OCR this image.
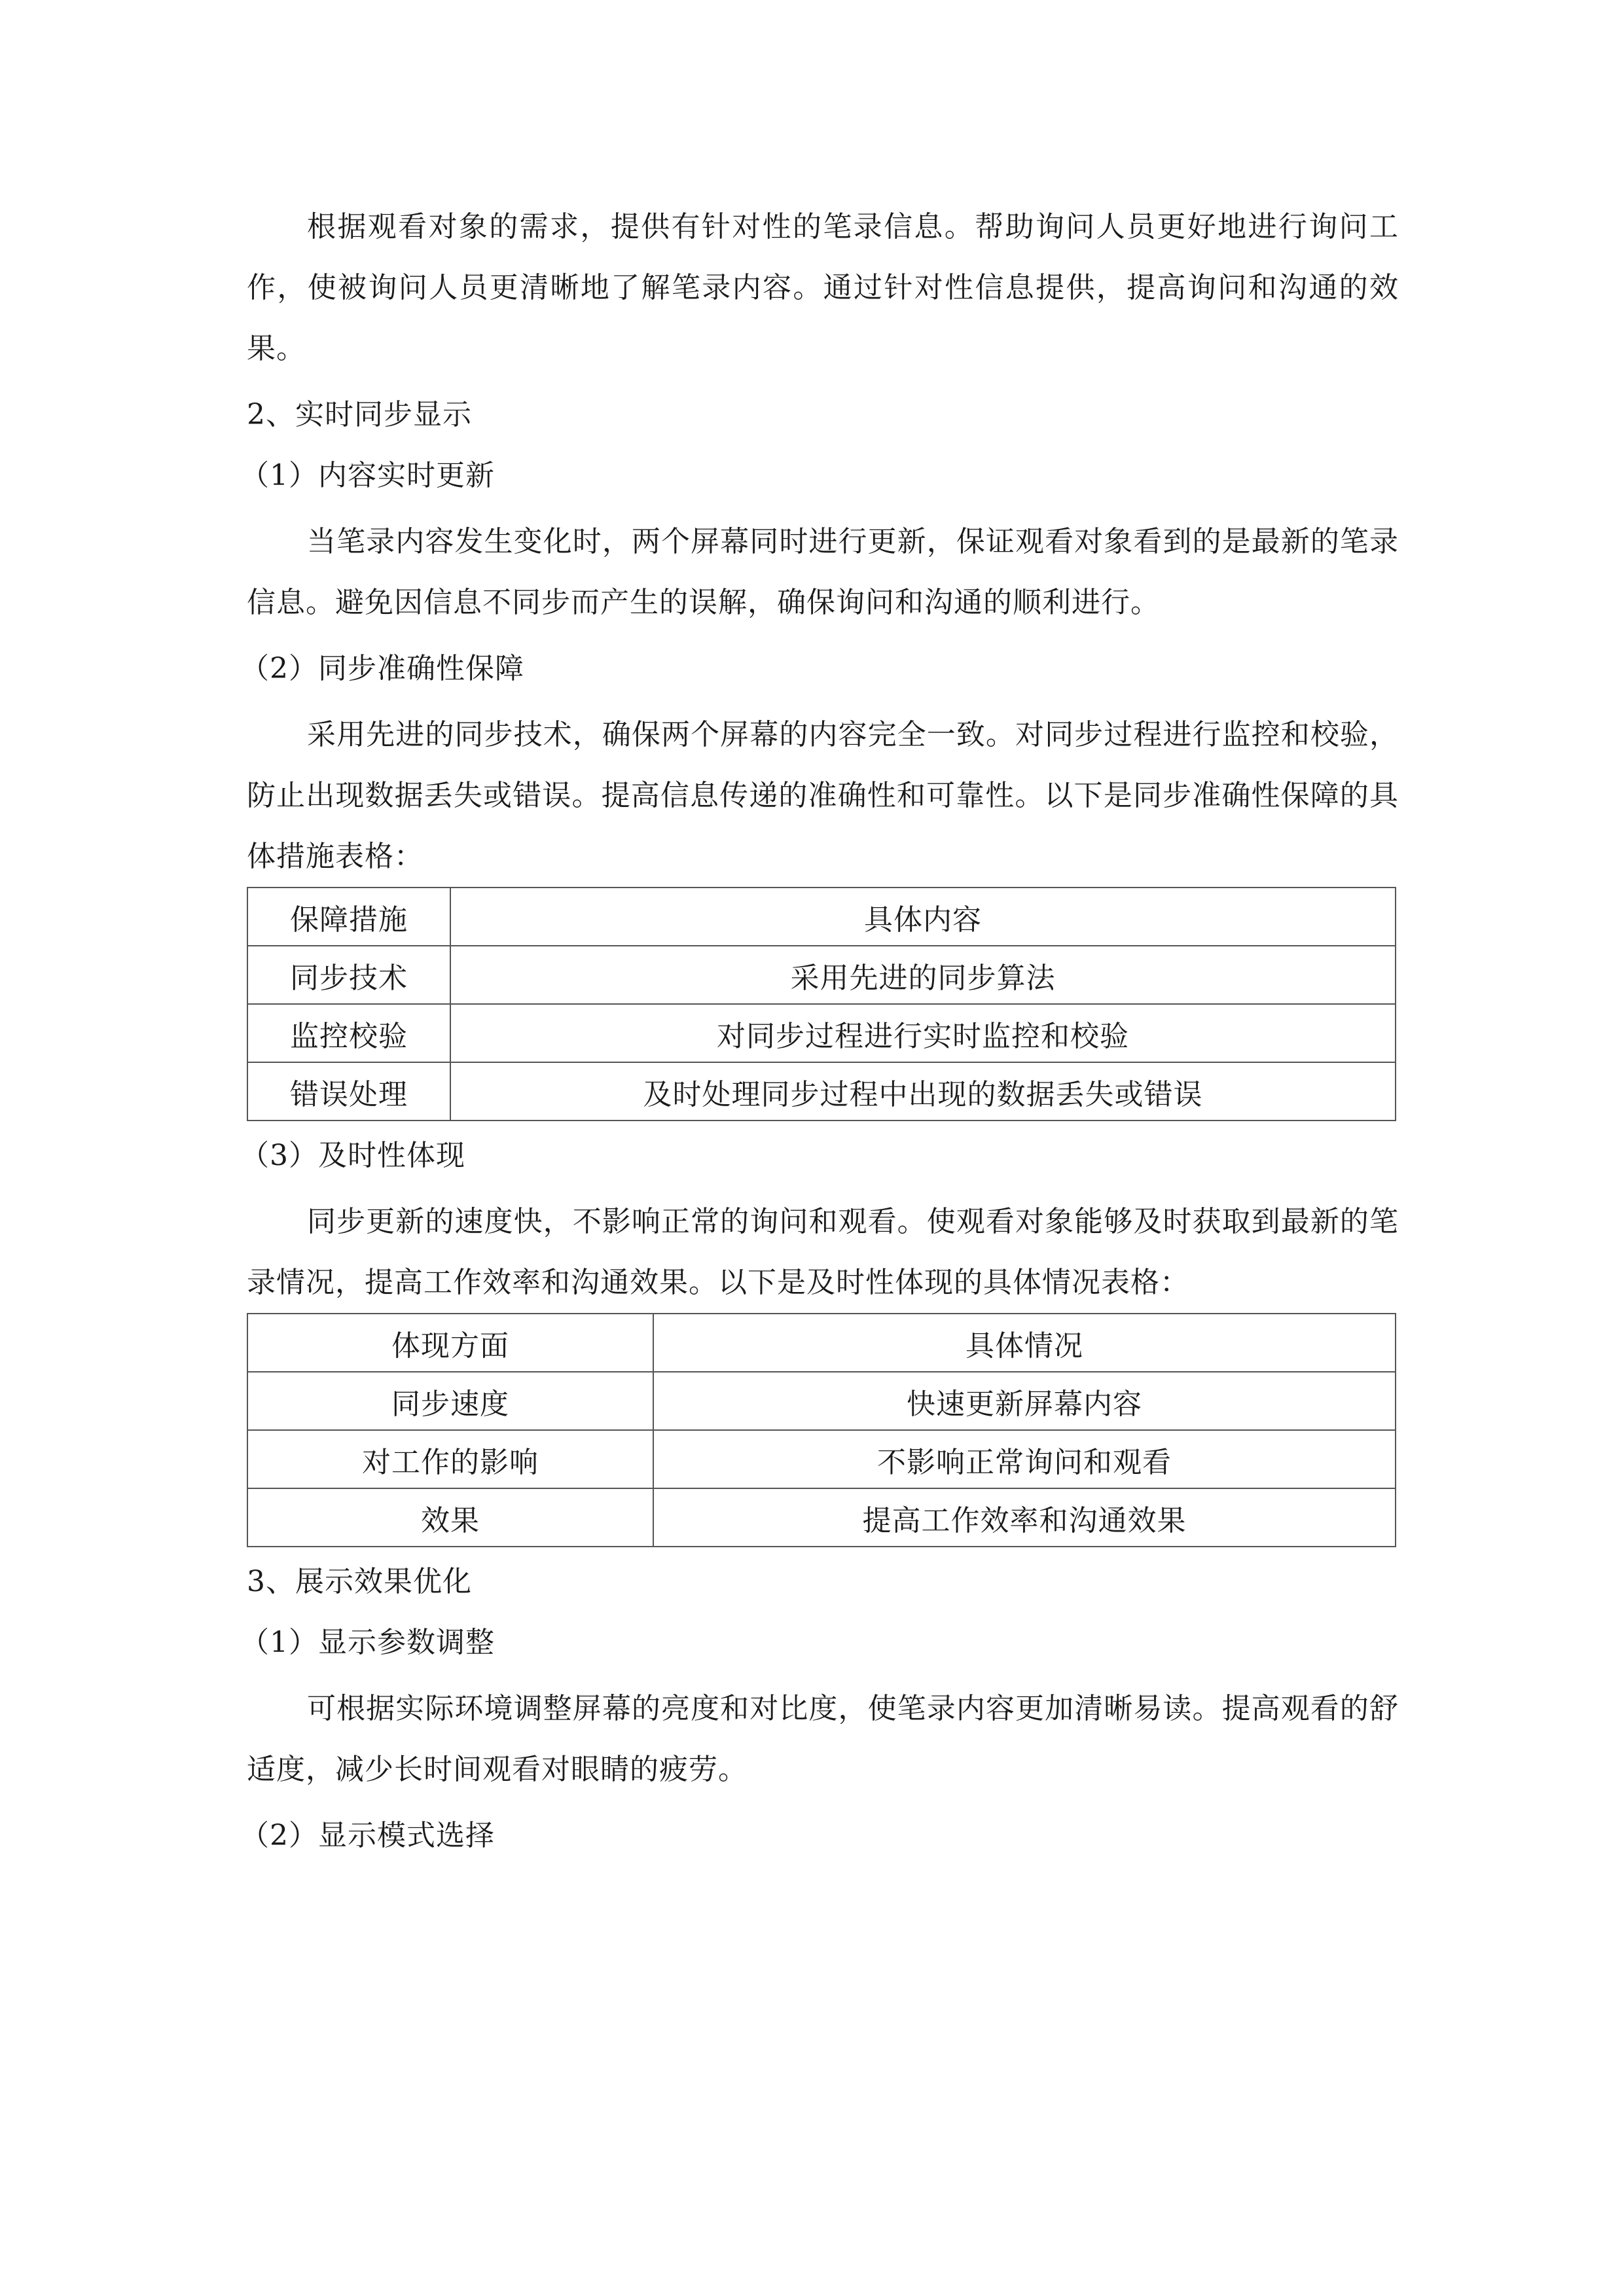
根据观看对象的需求，提供有针对性的笔录信息。帮助询问人员更好地进行询问工作，使被询问人员更清晰地了解笔录内容。通过针对性信息提供，提高询问和沟通的效果。

2、实时同步显示

（1）内容实时更新

当笔录内容发生变化时，两个屏幕同时进行更新，保证观看对象看到的是最新的笔录信息。避免因信息不同步而产生的误解，确保询问和沟通的顺利进行。

（2）同步准确性保障

采用先进的同步技术，确保两个屏幕的内容完全一致。对同步过程进行监控和校验，防止出现数据丢失或错误。提高信息传递的准确性和可靠性。以下是同步准确性保障的具体措施表格：

保障措施	具体内容
同步技术	采用先进的同步算法
监控校验	对同步过程进行实时监控和校验
错误处理	及时处理同步过程中出现的数据丢失或错误

（3）及时性体现

同步更新的速度快，不影响正常的询问和观看。使观看对象能够及时获取到最新的笔录情况，提高工作效率和沟通效果。以下是及时性体现的具体情况表格：

体现方面	具体情况
同步速度	快速更新屏幕内容
对工作的影响	不影响正常询问和观看
效果	提高工作效率和沟通效果

3、展示效果优化

（1）显示参数调整

可根据实际环境调整屏幕的亮度和对比度，使笔录内容更加清晰易读。提高观看的舒适度，减少长时间观看对眼睛的疲劳。

（2）显示模式选择
